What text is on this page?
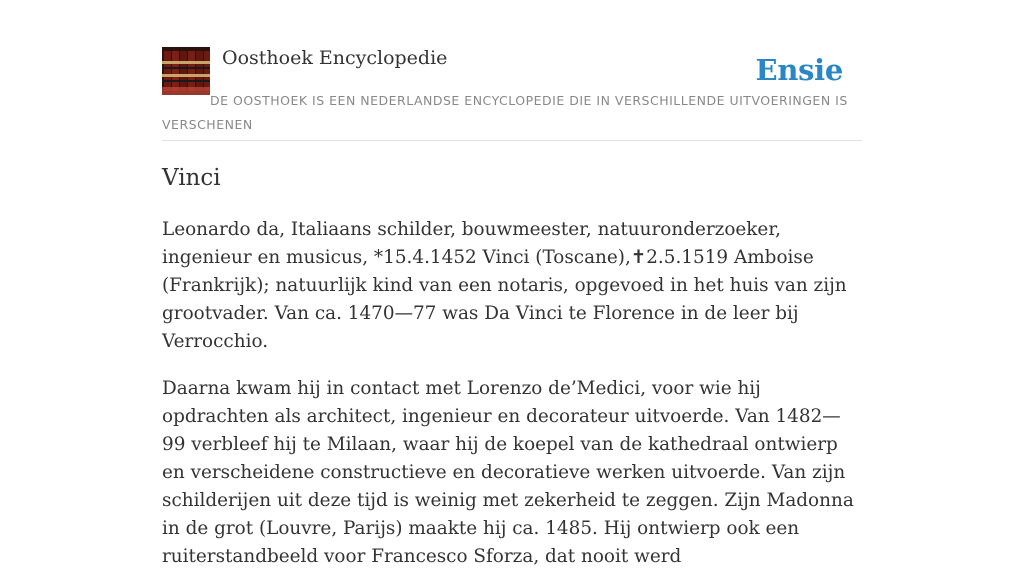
Oosthoek Encyclopedie	Ensie
DE OOSTHOEK IS EEN NEDERLANDSE ENCYCLOPEDIE DIE IN VERSCHILLENDE UITVOERINGEN IS VERSCHENEN
Vinci

Leonardo da, Italiaans schilder, bouwmeester, natuuronderzoeker, ingenieur en musicus, *15.4.1452 Vinci (Toscane),✝2.5.1519 Amboise (Frankrijk); natuurlijk kind van een notaris, opgevoed in het huis van zijn grootvader. Van ca. 1470—77 was Da Vinci te Florence in de leer bij Verrocchio.

Daarna kwam hij in contact met Lorenzo de’Medici, voor wie hij opdrachten als architect, ingenieur en decorateur uitvoerde. Van 1482—99 verbleef hij te Milaan, waar hij de koepel van de kathedraal ontwierp en verscheidene constructieve en decoratieve werken uitvoerde. Van zijn schilderijen uit deze tijd is weinig met zekerheid te zeggen. Zijn Madonna in de grot (Louvre, Parijs) maakte hij ca. 1485. Hij ontwierp ook een ruiterstandbeeld voor Francesco Sforza, dat nooit werd
